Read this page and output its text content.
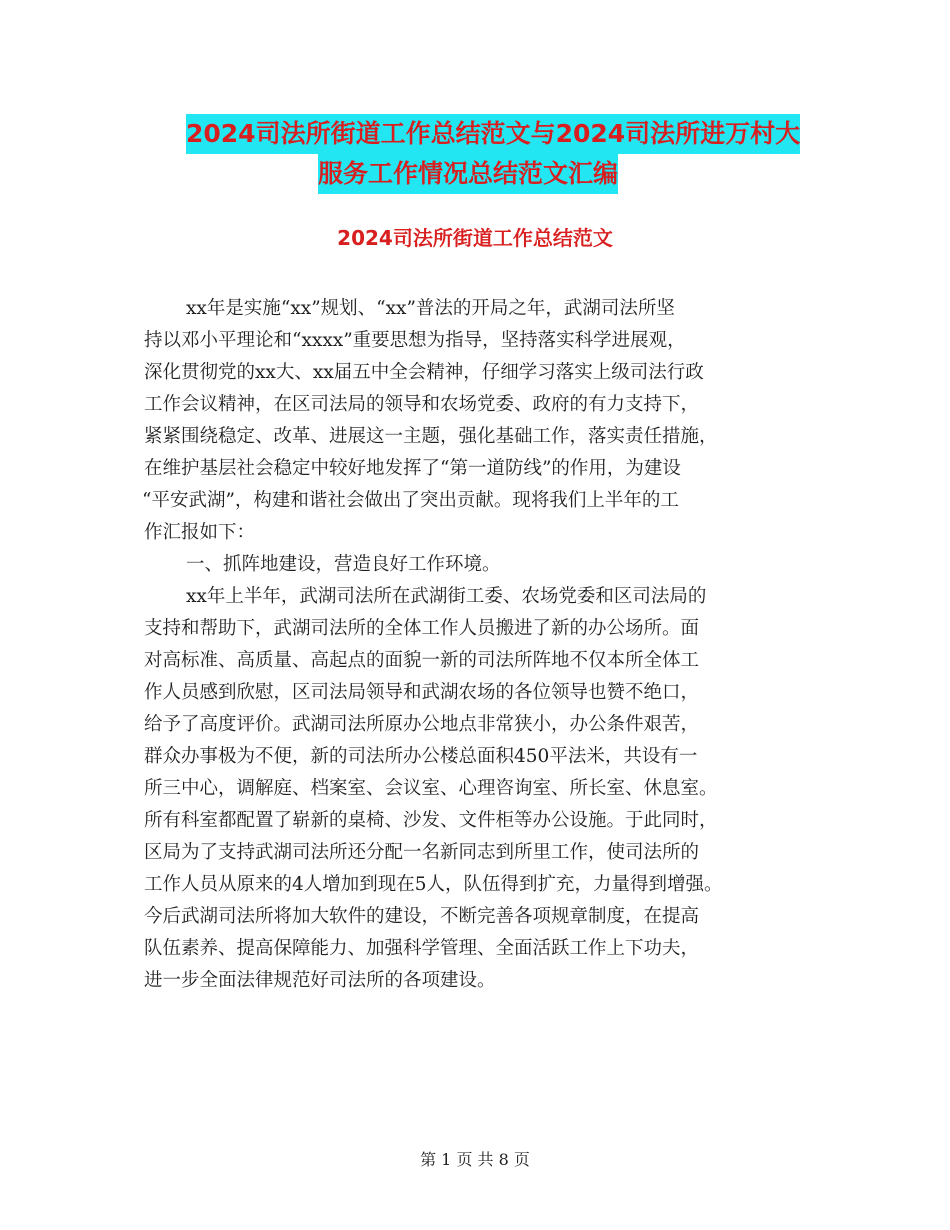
2024司法所街道工作总结范文与2024司法所进万村大
服务工作情况总结范文汇编
2024司法所街道工作总结范文
xx年是实施“xx”规划、“xx”普法的开局之年，武湖司法所坚
持以邓小平理论和“xxxx”重要思想为指导，坚持落实科学进展观，
深化贯彻党的xx大、xx届五中全会精神，仔细学习落实上级司法行政
工作会议精神，在区司法局的领导和农场党委、政府的有力支持下，
紧紧围绕稳定、改革、进展这一主题，强化基础工作，落实责任措施，
在维护基层社会稳定中较好地发挥了“第一道防线”的作用，为建设
“平安武湖”，构建和谐社会做出了突出贡献。现将我们上半年的工
作汇报如下：
一、抓阵地建设，营造良好工作环境。
xx年上半年，武湖司法所在武湖街工委、农场党委和区司法局的
支持和帮助下，武湖司法所的全体工作人员搬进了新的办公场所。面
对高标准、高质量、高起点的面貌一新的司法所阵地不仅本所全体工
作人员感到欣慰，区司法局领导和武湖农场的各位领导也赞不绝口，
给予了高度评价。武湖司法所原办公地点非常狭小，办公条件艰苦，
群众办事极为不便，新的司法所办公楼总面积450平法米，共设有一
所三中心，调解庭、档案室、会议室、心理咨询室、所长室、休息室。
所有科室都配置了崭新的桌椅、沙发、文件柜等办公设施。于此同时，
区局为了支持武湖司法所还分配一名新同志到所里工作，使司法所的
工作人员从原来的4人增加到现在5人，队伍得到扩充，力量得到增强。
今后武湖司法所将加大软件的建设，不断完善各项规章制度，在提高
队伍素养、提高保障能力、加强科学管理、全面活跃工作上下功夫，
进一步全面法律规范好司法所的各项建设。
第 1 页 共 8 页
